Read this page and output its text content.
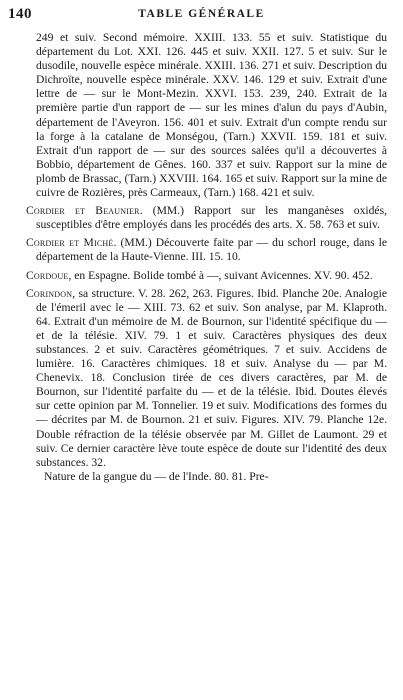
140	TABLE GÉNÉRALE

249 et suiv. Second mémoire. XXIII. 133. 55 et suiv. Statistique du département du Lot. XXI. 126. 445 et suiv. XXII. 127. 5 et suiv. Sur le dusodile, nouvelle espèce minérale. XXIII. 136. 271 et suiv. Description du Dichroïte, nouvelle espèce minérale. XXV. 146. 129 et suiv. Extrait d'une lettre de — sur le Mont-Mezin. XXVI. 153. 239, 240. Extrait de la première partie d'un rapport de — sur les mines d'alun du pays d'Aubin, département de l'Aveyron. 156. 401 et suiv. Extrait d'un compte rendu sur la forge à la catalane de Monségou, (Tarn.) XXVII. 159. 181 et suiv. Extrait d'un rapport de — sur des sources salées qu'il a découvertes à Bobbio, département de Gênes. 160. 337 et suiv. Rapport sur la mine de plomb de Brassac, (Tarn.) XXVIII. 164. 165 et suiv. Rapport sur la mine de cuivre de Rozières, près Carmeaux, (Tarn.) 168. 421 et suiv.

Cordier et Beaunier. (MM.) Rapport sur les manganèses oxidés, susceptibles d'être employés dans les procédés des arts. X. 58. 763 et suiv.

Cordier et Miché. (MM.) Découverte faite par — du schorl rouge, dans le département de la Haute-Vienne. III. 15. 10.

Cordoue, en Espagne. Bolide tombé à —, suivant Avicennes. XV. 90. 452.

Corindon, sa structure. V. 28. 262, 263. Figures. Ibid. Planche 20e. Analogie de l'émeril avec le — XIII. 73. 62 et suiv. Son analyse, par M. Klaproth. 64. Extrait d'un mémoire de M. de Bournon, sur l'identité spécifique du — et de la télésie. XIV. 79. 1 et suiv. Caractères physiques des deux substances. 2 et suiv. Caractères géométriques. 7 et suiv. Accidens de lumière. 16. Caractères chimiques. 18 et suiv. Analyse du — par M. Chenevix. 18. Conclusion tirée de ces divers caractères, par M. de Bournon, sur l'identité parfaite du — et de la télésie. Ibid. Doutes élevés sur cette opinion par M. Tonnelier. 19 et suiv. Modifications des formes du — décrites par M. de Bournon. 21 et suiv. Figures. XIV. 79. Planche 12e. Double réfraction de la télésie observée par M. Gillet de Laumont. 29 et suiv. Ce dernier caractère lève toute espèce de doute sur l'identité des deux substances. 32.

Nature de la gangue du — de l'Inde. 80. 81. Pre-
